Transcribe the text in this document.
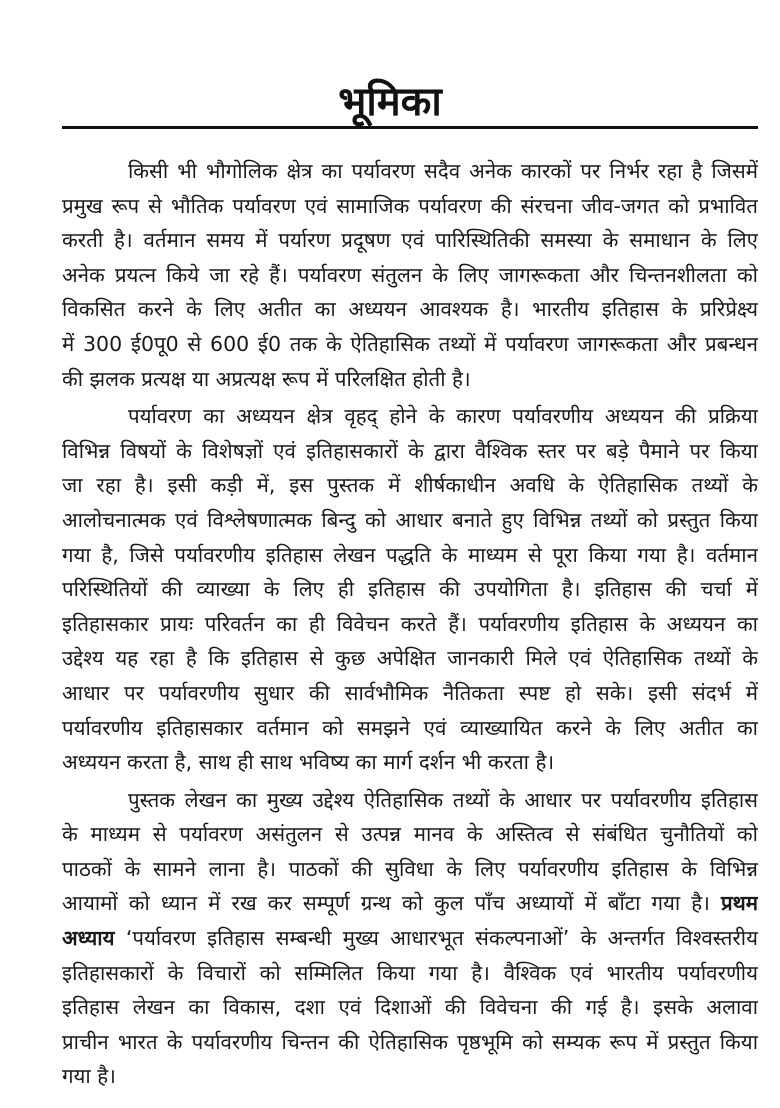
भूमिका
किसी भी भौगोलिक क्षेत्र का पर्यावरण सदैव अनेक कारकों पर निर्भर रहा है जिसमें
प्रमुख रूप से भौतिक पर्यावरण एवं सामाजिक पर्यावरण की संरचना जीव-जगत को प्रभावित
करती है। वर्तमान समय में पर्यारण प्रदूषण एवं पारिस्थितिकी समस्या के समाधान के लिए
अनेक प्रयत्न किये जा रहे हैं। पर्यावरण संतुलन के लिए जागरूकता और चिन्तनशीलता को
विकसित करने के लिए अतीत का अध्ययन आवश्यक है। भारतीय इतिहास के प्ररिप्रेक्ष्य
में 300 ई0पू0 से 600 ई0 तक के ऐतिहासिक तथ्यों में पर्यावरण जागरूकता और प्रबन्धन
की झलक प्रत्यक्ष या अप्रत्यक्ष रूप में परिलक्षित होती है।
पर्यावरण का अध्ययन क्षेत्र वृहद् होने के कारण पर्यावरणीय अध्ययन की प्रक्रिया
विभिन्न विषयों के विशेषज्ञों एवं इतिहासकारों के द्वारा वैश्विक स्तर पर बड़े पैमाने पर किया
जा रहा है। इसी कड़ी में, इस पुस्तक में शीर्षकाधीन अवधि के ऐतिहासिक तथ्यों के
आलोचनात्मक एवं विश्लेषणात्मक बिन्दु को आधार बनाते हुए विभिन्न तथ्यों को प्रस्तुत किया
गया है, जिसे पर्यावरणीय इतिहास लेखन पद्धति के माध्यम से पूरा किया गया है। वर्तमान
परिस्थितियों की व्याख्या के लिए ही इतिहास की उपयोगिता है। इतिहास की चर्चा में
इतिहासकार प्रायः परिवर्तन का ही विवेचन करते हैं। पर्यावरणीय इतिहास के अध्ययन का
उद्देश्य यह रहा है कि इतिहास से कुछ अपेक्षित जानकारी मिले एवं ऐतिहासिक तथ्यों के
आधार पर पर्यावरणीय सुधार की सार्वभौमिक नैतिकता स्पष्ट हो सके। इसी संदर्भ में
पर्यावरणीय इतिहासकार वर्तमान को समझने एवं व्याख्यायित करने के लिए अतीत का
अध्ययन करता है, साथ ही साथ भविष्य का मार्ग दर्शन भी करता है।
पुस्तक लेखन का मुख्य उद्देश्य ऐतिहासिक तथ्यों के आधार पर पर्यावरणीय इतिहास
के माध्यम से पर्यावरण असंतुलन से उत्पन्न मानव के अस्तित्व से संबंधित चुनौतियों को
पाठकों के सामने लाना है। पाठकों की सुविधा के लिए पर्यावरणीय इतिहास के विभिन्न
आयामों को ध्यान में रख कर सम्पूर्ण ग्रन्थ को कुल पाँच अध्यायों में बाँटा गया है। प्रथम
अध्याय ‘पर्यावरण इतिहास सम्बन्धी मुख्य आधारभूत संकल्पनाओं’ के अन्तर्गत विश्वस्तरीय
इतिहासकारों के विचारों को सम्मिलित किया गया है। वैश्विक एवं भारतीय पर्यावरणीय
इतिहास लेखन का विकास, दशा एवं दिशाओं की विवेचना की गई है। इसके अलावा
प्राचीन भारत के पर्यावरणीय चिन्तन की ऐतिहासिक पृष्ठभूमि को सम्यक रूप में प्रस्तुत किया
गया है।
